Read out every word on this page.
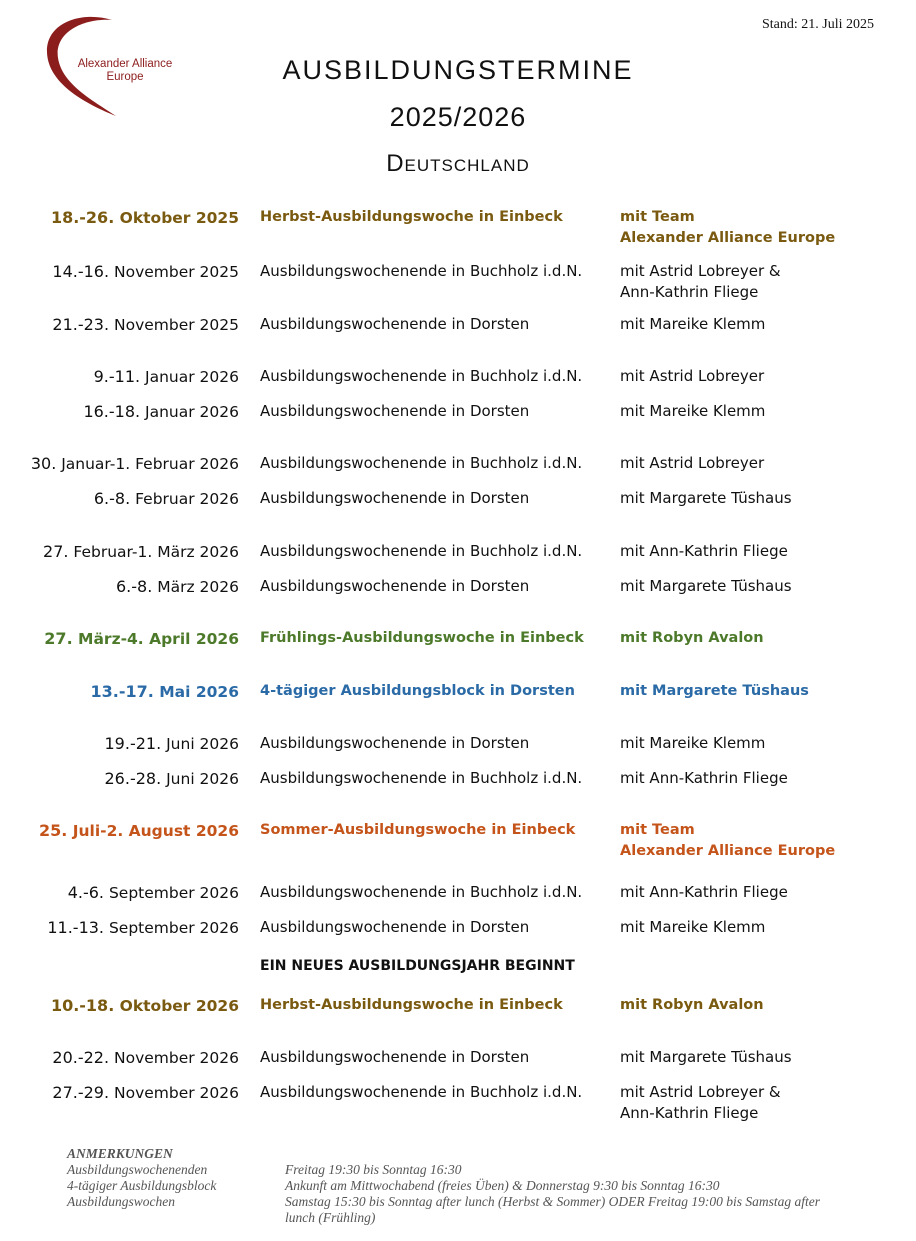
Alexander Alliance
Europe
Stand: 21. Juli 2025
AUSBILDUNGSTERMINE
2025/2026
Deutschland
18.-26. Oktober 2025 Herbst-Ausbildungswoche in Einbeck	mit Team
Alexander Alliance Europe
14.-16. November 2025 Ausbildungswochenende in Buchholz i.d.N.	mit Astrid Lobreyer &
Ann-Kathrin Fliege
21.-23. November 2025 Ausbildungswochenende in Dorsten	mit Mareike Klemm
9.-11. Januar 2026 Ausbildungswochenende in Buchholz i.d.N.	mit Astrid Lobreyer
16.-18. Januar 2026 Ausbildungswochenende in Dorsten	mit Mareike Klemm
30. Januar-1. Februar 2026 Ausbildungswochenende in Buchholz i.d.N.	mit Astrid Lobreyer
6.-8. Februar 2026 Ausbildungswochenende in Dorsten	mit Margarete Tüshaus
27. Februar-1. März 2026 Ausbildungswochenende in Buchholz i.d.N.	mit Ann-Kathrin Fliege
6.-8. März 2026 Ausbildungswochenende in Dorsten	mit Margarete Tüshaus
27. März-4. April 2026 Frühlings-Ausbildungswoche in Einbeck	mit Robyn Avalon
13.-17. Mai 2026 4-tägiger Ausbildungsblock in Dorsten	mit Margarete Tüshaus
19.-21. Juni 2026 Ausbildungswochenende in Dorsten	mit Mareike Klemm
26.-28. Juni 2026 Ausbildungswochenende in Buchholz i.d.N.	mit Ann-Kathrin Fliege
25. Juli-2. August 2026 Sommer-Ausbildungswoche in Einbeck	mit Team
Alexander Alliance Europe
4.-6. September 2026 Ausbildungswochenende in Buchholz i.d.N.	mit Ann-Kathrin Fliege
11.-13. September 2026 Ausbildungswochenende in Dorsten	mit Mareike Klemm
EIN NEUES AUSBILDUNGSJAHR BEGINNT
10.-18. Oktober 2026 Herbst-Ausbildungswoche in Einbeck	mit Robyn Avalon
20.-22. November 2026 Ausbildungswochenende in Dorsten	mit Margarete Tüshaus
27.-29. November 2026 Ausbildungswochenende in Buchholz i.d.N.	mit Astrid Lobreyer &
Ann-Kathrin Fliege
ANMERKUNGEN
Ausbildungswochenenden	Freitag 19:30 bis Sonntag 16:30
4-tägiger Ausbildungsblock	Ankunft am Mittwochabend (freies Üben) & Donnerstag 9:30 bis Sonntag 16:30
Ausbildungswochen	Samstag 15:30 bis Sonntag after lunch (Herbst & Sommer) ODER Freitag 19:00 bis Samstag after lunch (Frühling)
